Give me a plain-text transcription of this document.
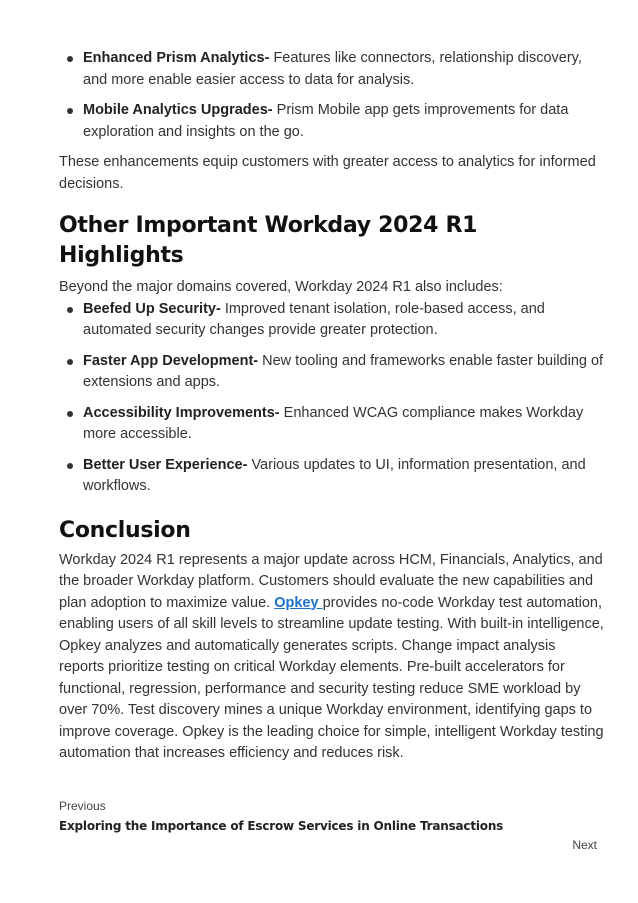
Enhanced Prism Analytics- Features like connectors, relationship discovery, and more enable easier access to data for analysis.
Mobile Analytics Upgrades- Prism Mobile app gets improvements for data exploration and insights on the go.

These enhancements equip customers with greater access to analytics for informed decisions.

Other Important Workday 2024 R1 Highlights

Beyond the major domains covered, Workday 2024 R1 also includes:

Beefed Up Security- Improved tenant isolation, role-based access, and automated security changes provide greater protection.
Faster App Development- New tooling and frameworks enable faster building of extensions and apps.
Accessibility Improvements- Enhanced WCAG compliance makes Workday more accessible.
Better User Experience- Various updates to UI, information presentation, and workflows.
Conclusion

Workday 2024 R1 represents a major update across HCM, Financials, Analytics, and the broader Workday platform. Customers should evaluate the new capabilities and plan adoption to maximize value. Opkey provides no-code Workday test automation, enabling users of all skill levels to streamline update testing. With built-in intelligence, Opkey analyzes and automatically generates scripts. Change impact analysis reports prioritize testing on critical Workday elements. Pre-built accelerators for functional, regression, performance and security testing reduce SME workload by over 70%. Test discovery mines a unique Workday environment, identifying gaps to improve coverage. Opkey is the leading choice for simple, intelligent Workday testing automation that increases efficiency and reduces risk.

Previous
Exploring the Importance of Escrow Services in Online Transactions
Next
